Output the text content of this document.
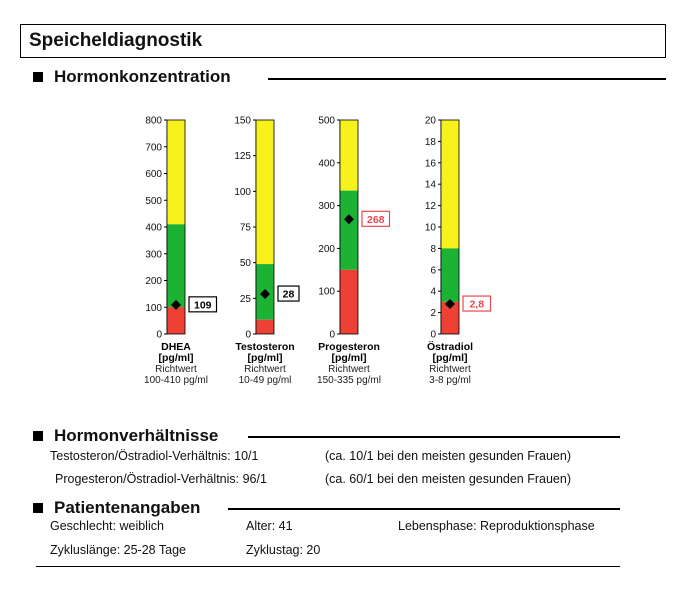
Speicheldiagnostik
Hormonkonzentration
0
100
200
300
400
500
600
700
800
109
DHEA
[pg/ml]
Richtwert
100-410 pg/ml
0
25
50
75
100
125
150
28
Testosteron
[pg/ml]
Richtwert
10-49 pg/ml
0
100
200
300
400
500
268
Progesteron
[pg/ml]
Richtwert
150-335 pg/ml
0
2
4
6
8
10
12
14
16
18
20
2,8
Östradiol
[pg/ml]
Richtwert
3-8 pg/ml
Hormonverhältnisse
Testosteron/Östradiol-Verhältnis: 10/1	(ca. 10/1 bei den meisten gesunden Frauen)
Progesteron/Östradiol-Verhältnis: 96/1	(ca. 60/1 bei den meisten gesunden Frauen)
Patientenangaben
Geschlecht: weiblich	Alter: 41	Lebensphase: Reproduktionsphase
Zykluslänge: 25-28 Tage	Zyklustag: 20
